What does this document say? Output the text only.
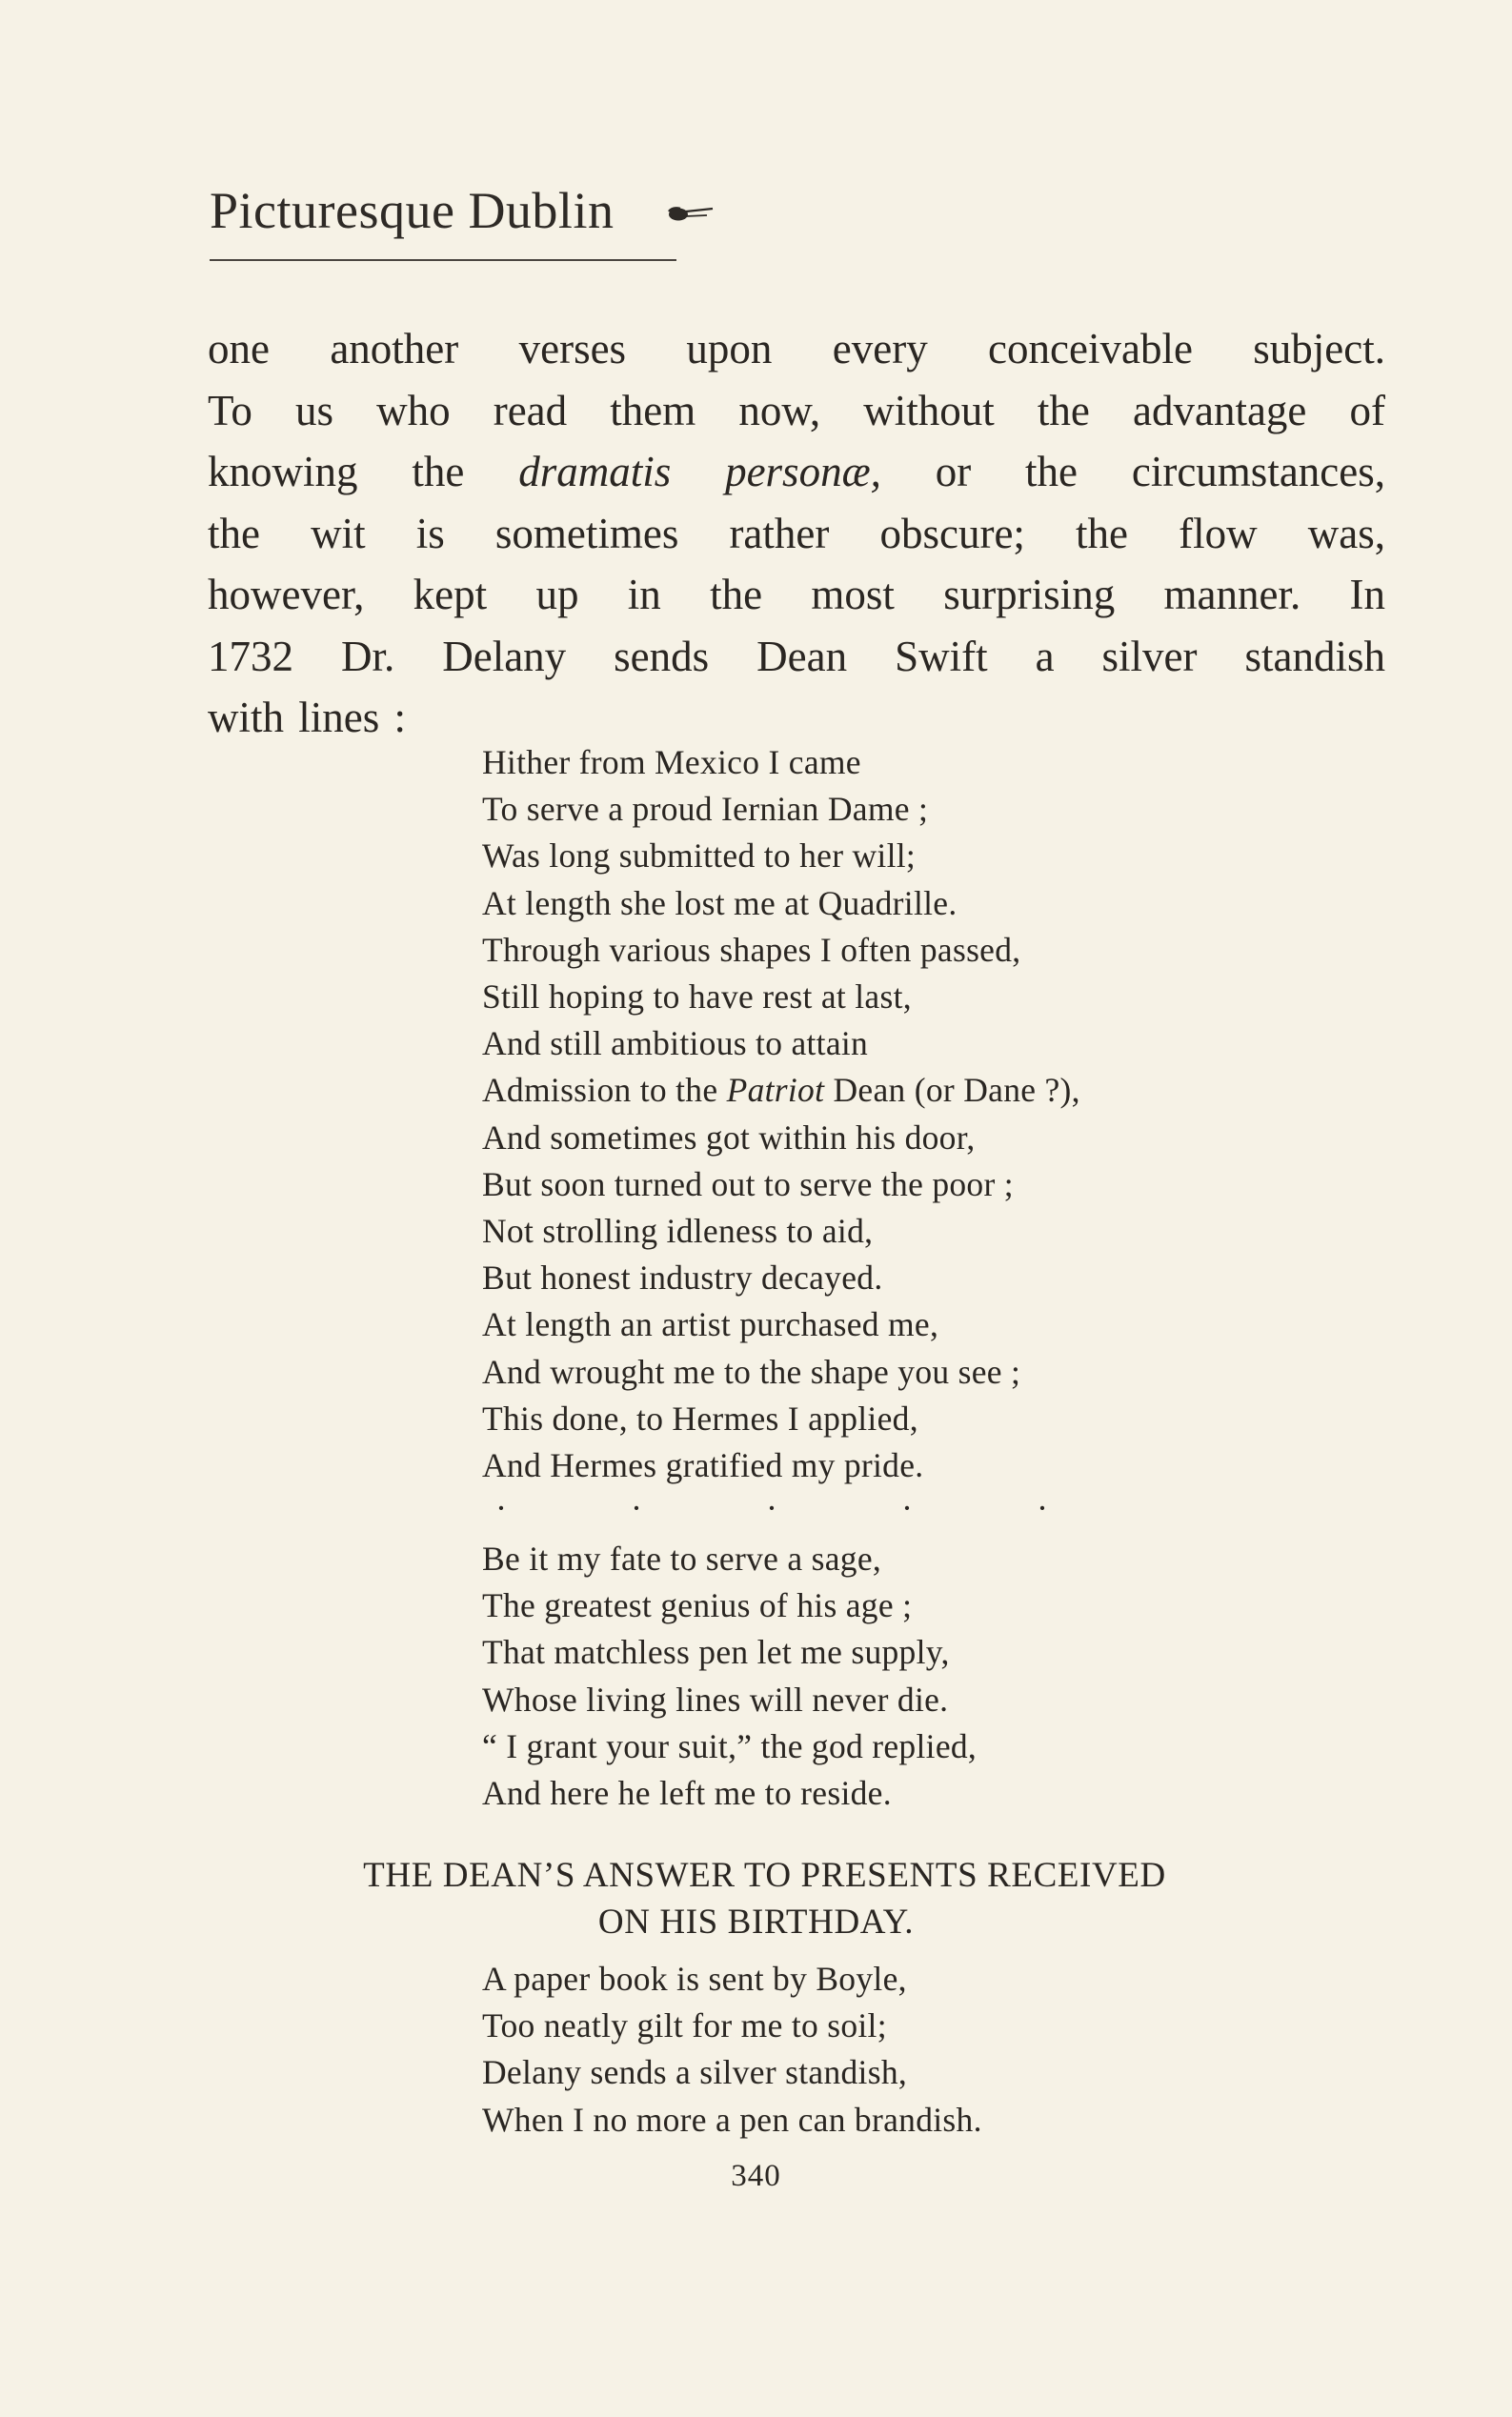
Picturesque Dublin
one another verses upon every conceivable subject.
To us who read them now, without the advantage of
knowing the dramatis personæ, or the circumstances,
the wit is sometimes rather obscure; the flow was,
however, kept up in the most surprising manner. In
1732 Dr. Delany sends Dean Swift a silver standish
with lines :
Hither from Mexico I came
To serve a proud Iernian Dame ;
Was long submitted to her will;
At length she lost me at Quadrille.
Through various shapes I often passed,
Still hoping to have rest at last,
And still ambitious to attain
Admission to the Patriot Dean (or Dane ?),
And sometimes got within his door,
But soon turned out to serve the poor ;
Not strolling idleness to aid,
But honest industry decayed.
At length an artist purchased me,
And wrought me to the shape you see ;
This done, to Hermes I applied,
And Hermes gratified my pride.
·	·	·	·	·
Be it my fate to serve a sage,
The greatest genius of his age ;
That matchless pen let me supply,
Whose living lines will never die.
“ I grant your suit,” the god replied,
And here he left me to reside.
THE DEAN’S ANSWER TO PRESENTS RECEIVED
ON HIS BIRTHDAY.
A paper book is sent by Boyle,
Too neatly gilt for me to soil;
Delany sends a silver standish,
When I no more a pen can brandish.
340
